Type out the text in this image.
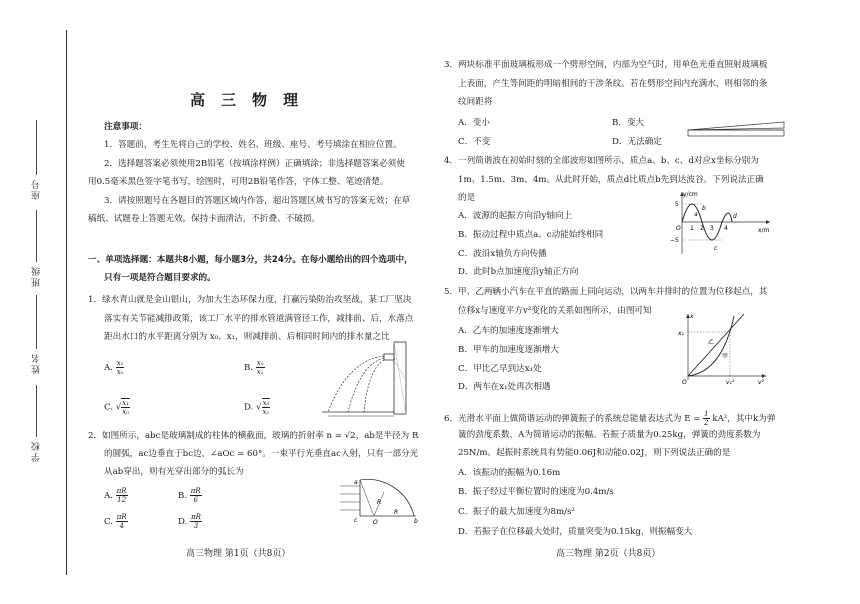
座号
班级
姓名
学校
高三物理
注意事项：
1．答题前，考生先将自己的学校、姓名、班级、座号、考号填涂在相应位置。
2．选择题答案必须使用2B铅笔（按填涂样例）正确填涂；非选择题答案必须使
用0.5毫米黑色签字笔书写，绘图时，可用2B铅笔作答，字体工整、笔迹清楚。
3．请按照题号在各题目的答题区域内作答，超出答题区域书写的答案无效；在草
稿纸、试题卷上答题无效。保持卡面清洁，不折叠、不破损。
一、单项选择题：本题共8小题，每小题3分，共24分。在每小题给出的四个选项中，
只有一项是符合题目要求的。
1．绿水青山就是金山银山，为加大生态环保力度，打赢污染防治攻坚战，某工厂坚决
落实有关节能减排政策，该工厂水平的排水管道满管径工作，减排前、后，水落点
距出水口的水平距离分别为 x₀、x₁，则减排前、后相同时间内的排水量之比
A. $\frac{\text{x₁}}{\text{x₀}}$	B. $\frac{\text{x₀}}{\text{x₁}}$
C. √ $\frac{\text{x₁}}{\text{x₀}}$	D. √ $\frac{\text{x₀}}{\text{x₁}}$
2．如图所示，abc是玻璃制成的柱体的横截面，玻璃的折射率 n = √2，ab是半径为 R
的圆弧，ac边垂直于bc边，∠aOc = 60°。一束平行光垂直ac入射，只有一部分光
从ab穿出，则有光穿出部分的弧长为
A. $\frac{\pi R}{12}$	B. $\frac{\pi R}{6}$
C. $\frac{\pi R}{4}$	D. $\frac{\pi R}{3}$
a
c	O	b
R
R
高三物理 第1页（共8页）
3．两块标准平面玻璃板形成一个劈形空间，内部为空气时，用单色光垂直照射玻璃板
上表面，产生等间距的明暗相间的干涉条纹。若在劈形空间内充满水，则相邻的条
纹间距将
A．变小	B．变大
C．不变	D．无法确定
4．一列简谐波在初始时刻的全部波形如图所示，质点a、b、c、d对应x坐标分别为
1m、1.5m、3m、4m。从此时开始，质点d比质点b先到达波谷。下列说法正确
的是
A．波源的起振方向沿y轴向上
B．振动过程中质点a、c动能始终相同
C．波沿x轴负方向传播
D．此时b点加速度沿y轴正方向
y/cm
x/m
5
−5
O 1 2 3 4
a
b
c
d
5．甲、乙两辆小汽车在平直的路面上同向运动，以两车并排时的位置为位移起点，其
位移x与速度平方v²变化的关系如图所示，由图可知
A．乙车的加速度逐渐增大
B．甲车的加速度逐渐增大
C．甲比乙早到达x₁处
D．两车在x₁处再次相遇
x
x₁
v²
v₁²
O
乙
甲
6．光滑水平面上做简谐运动的弹簧振子的系统总能量表达式为 $E = \frac{1}{2} kA^2$，其中k为弹
簧的劲度系数，A为简谐运动的振幅。若振子质量为0.25kg，弹簧的劲度系数为
25N/m。起振时系统具有势能0.06J和动能0.02J，则下列说法正确的是
A．该振动的振幅为0.16m
B．振子经过平衡位置时的速度为0.4m/s
C．振子的最大加速度为8m/s²
D．若振子在位移最大处时，质量突变为0.15kg，则振幅变大
高三物理 第2页（共8页）
